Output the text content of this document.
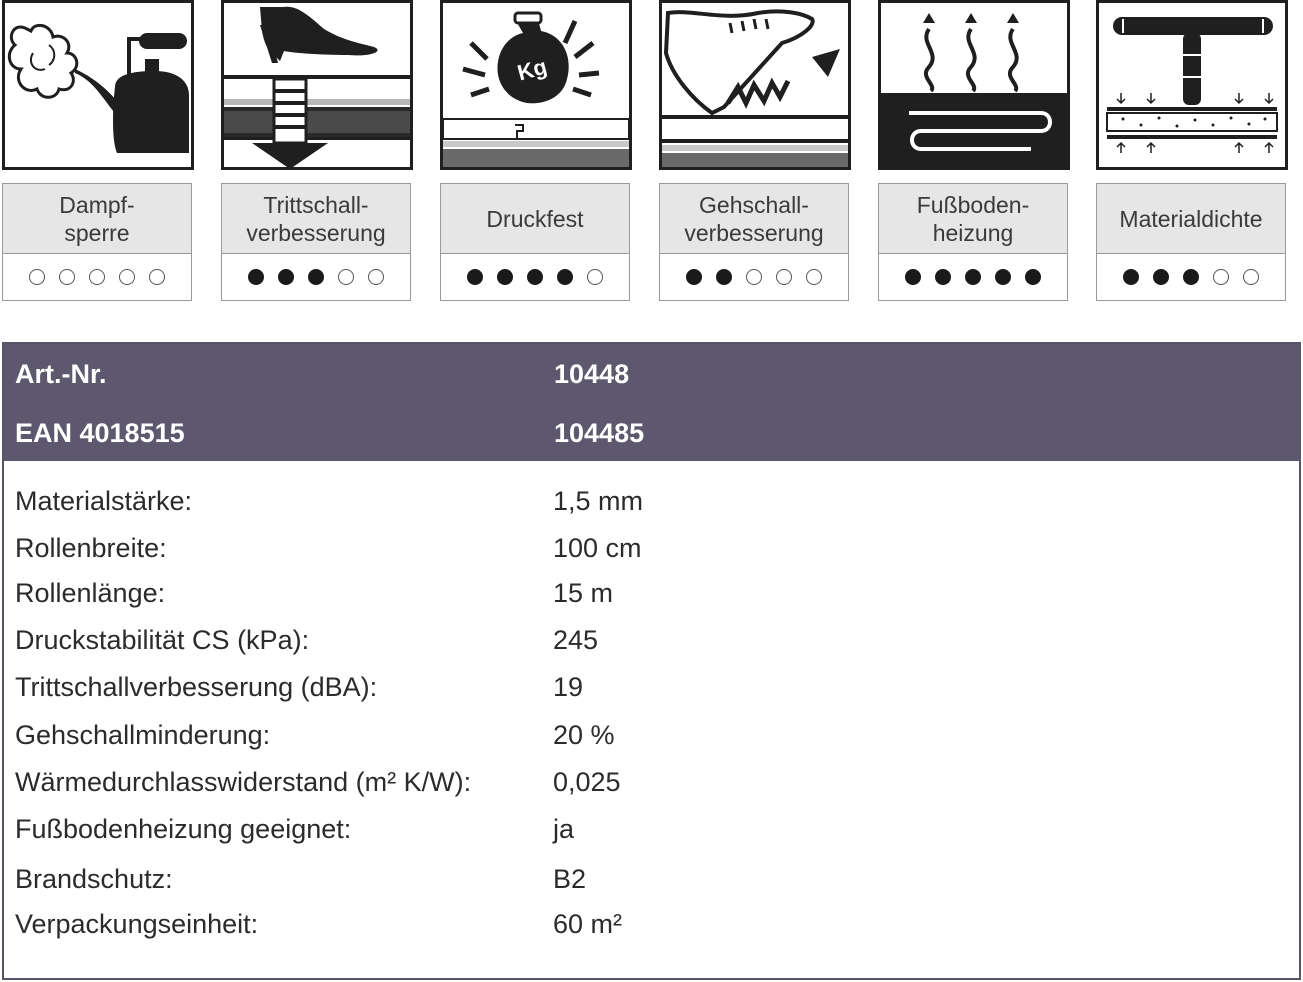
Dampf-
sperre
Trittschall-
verbesserung
Kg
Druckfest
Gehschall-
verbesserung
Fußboden-
heizung
Materialdichte
Art.-Nr.	10448
EAN 4018515	104485
Materialstärke:	1,5 mm
Rollenbreite:	100 cm
Rollenlänge:	15 m
Druckstabilität CS (kPa):	245
Trittschallverbesserung (dBA):	19
Gehschallminderung:	20 %
Wärmedurchlasswiderstand (m² K/W):	0,025
Fußbodenheizung geeignet:	ja
Brandschutz:	B2
Verpackungseinheit:	60 m²
